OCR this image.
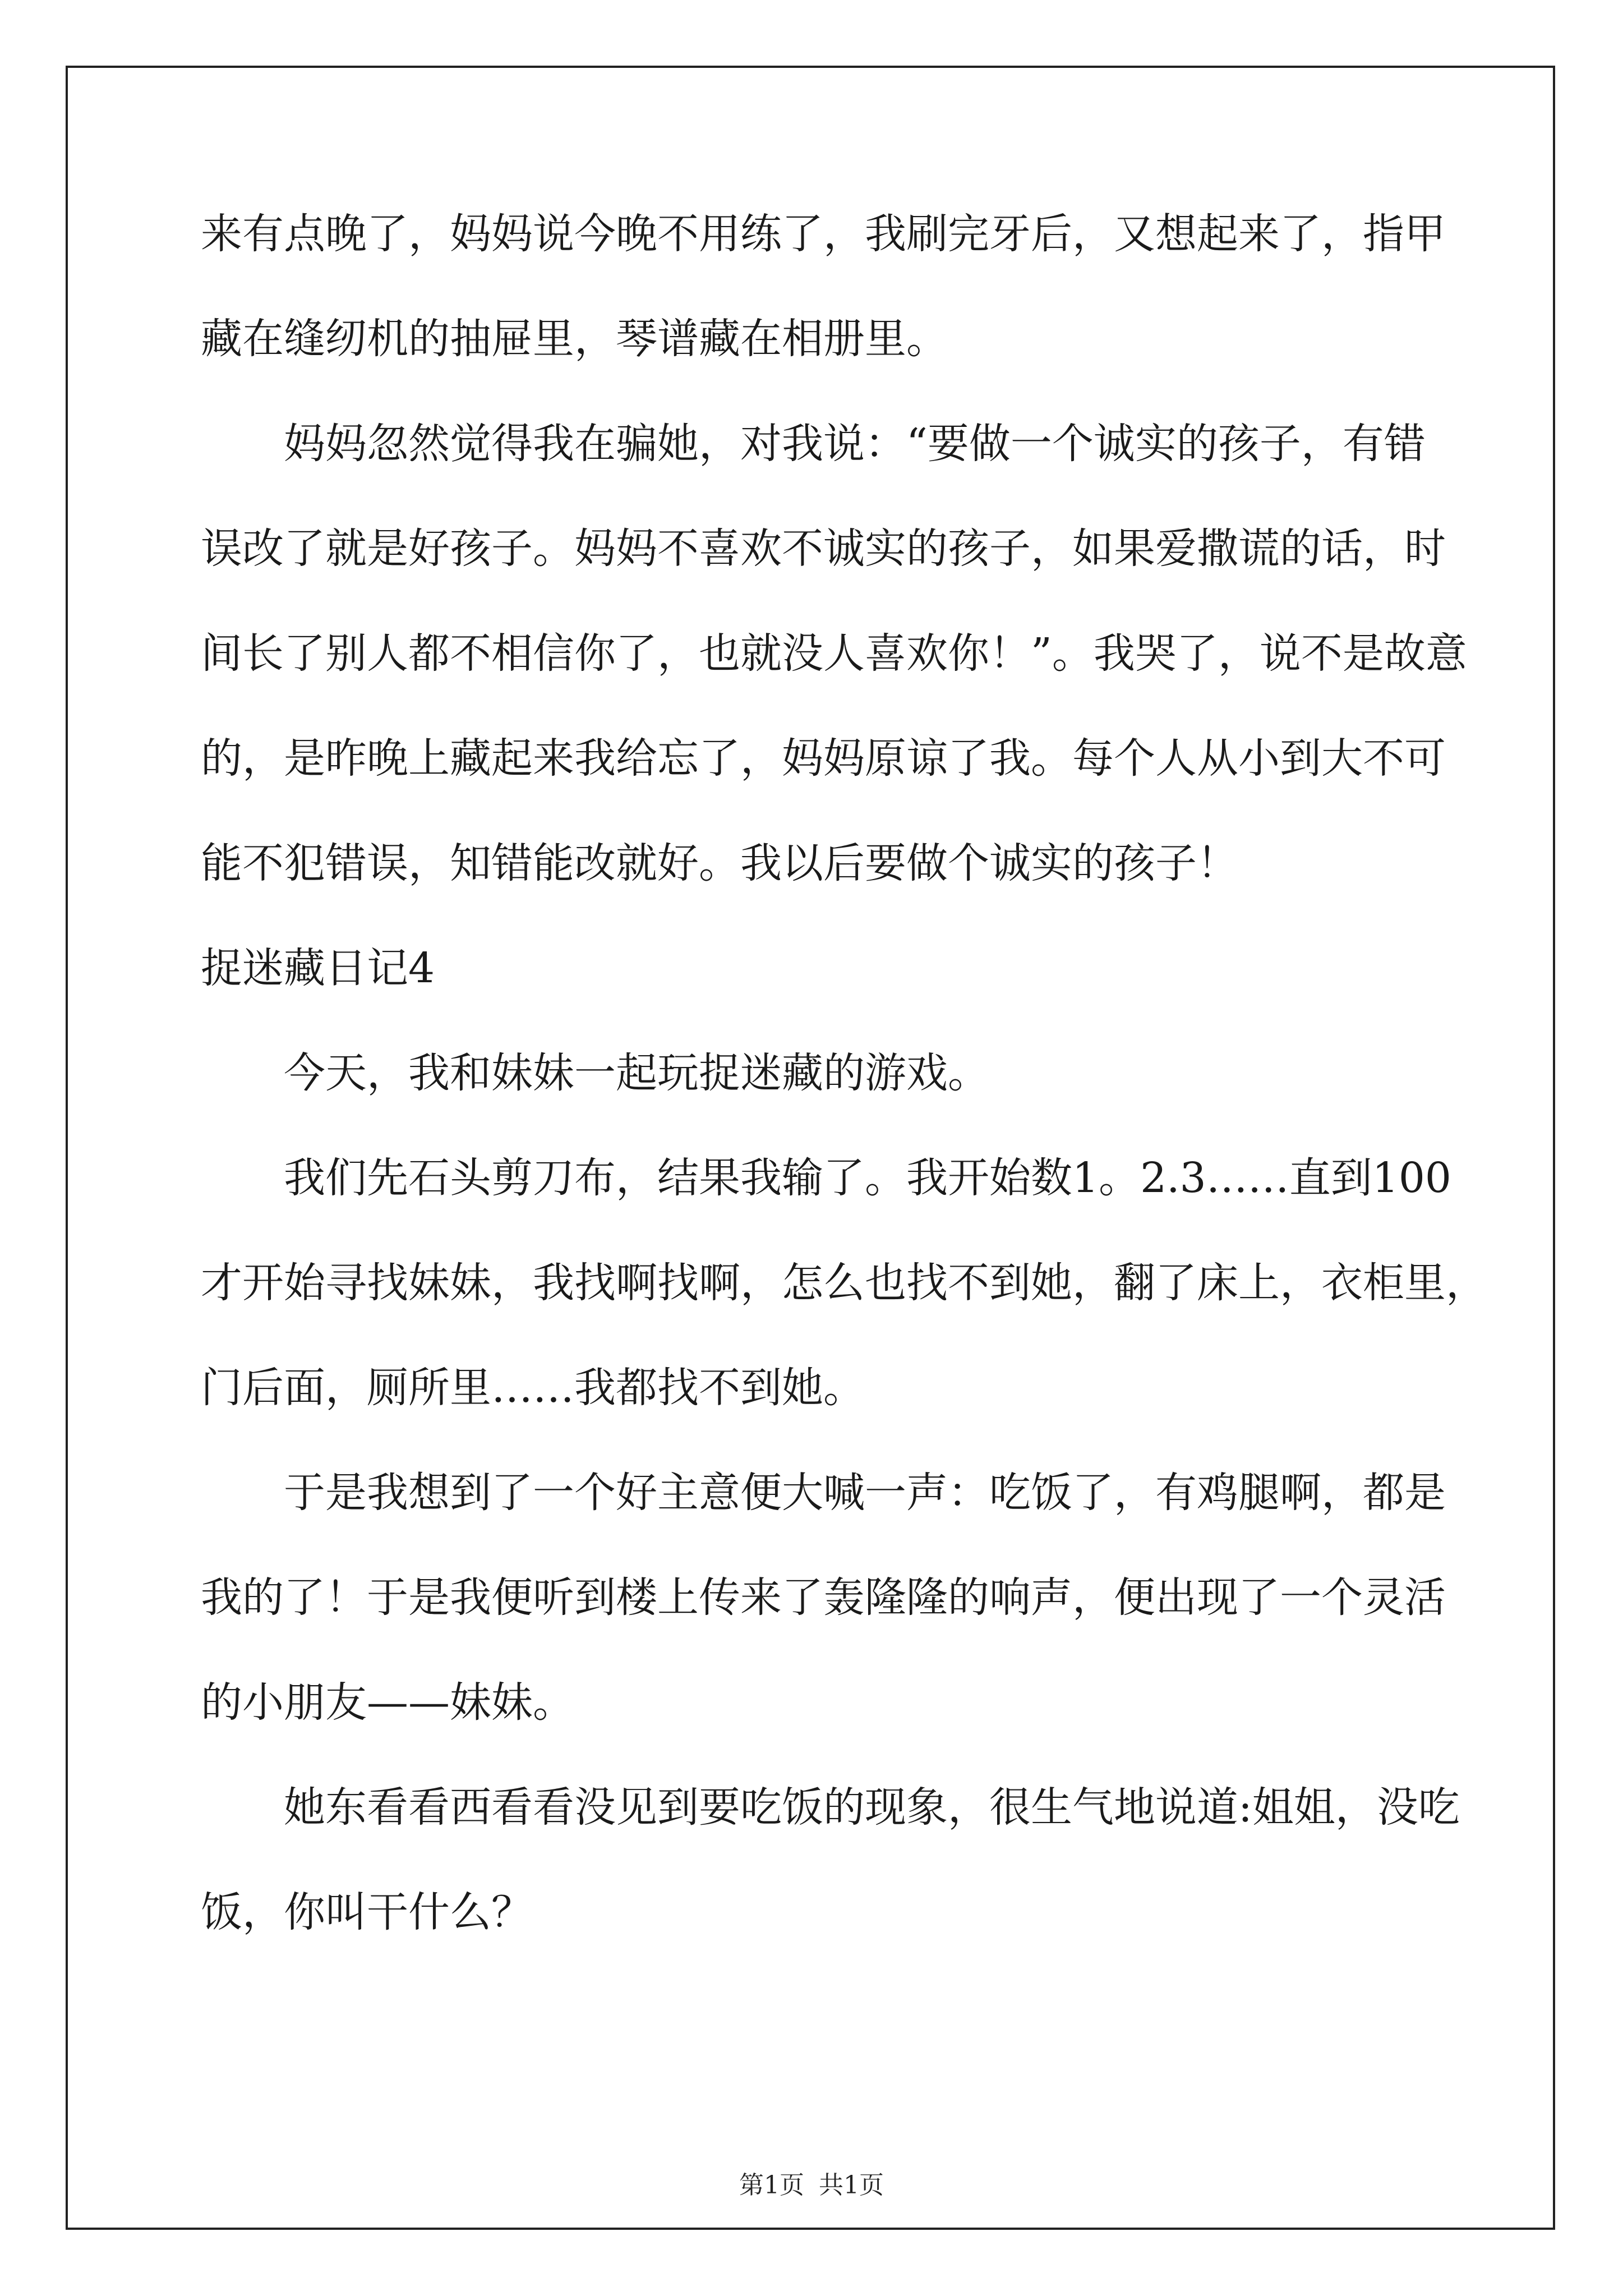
来有点晚了，妈妈说今晚不用练了，我刷完牙后，又想起来了，指甲

藏在缝纫机的抽屉里，琴谱藏在相册里。

妈妈忽然觉得我在骗她，对我说：“要做一个诚实的孩子，有错

误改了就是好孩子。妈妈不喜欢不诚实的孩子，如果爱撒谎的话，时

间长了别人都不相信你了，也就没人喜欢你！”。我哭了，说不是故意

的，是昨晚上藏起来我给忘了，妈妈原谅了我。每个人从小到大不可

能不犯错误，知错能改就好。我以后要做个诚实的孩子！

捉迷藏日记4

今天，我和妹妹一起玩捉迷藏的游戏。

我们先石头剪刀布，结果我输了。我开始数1。2.3……直到100

才开始寻找妹妹，我找啊找啊，怎么也找不到她，翻了床上，衣柜里，

门后面，厕所里……我都找不到她。

于是我想到了一个好主意便大喊一声：吃饭了，有鸡腿啊，都是

我的了！于是我便听到楼上传来了轰隆隆的响声，便出现了一个灵活

的小朋友——妹妹。

她东看看西看看没见到要吃饭的现象，很生气地说道:姐姐，没吃

饭，你叫干什么？

第1页 共1页
